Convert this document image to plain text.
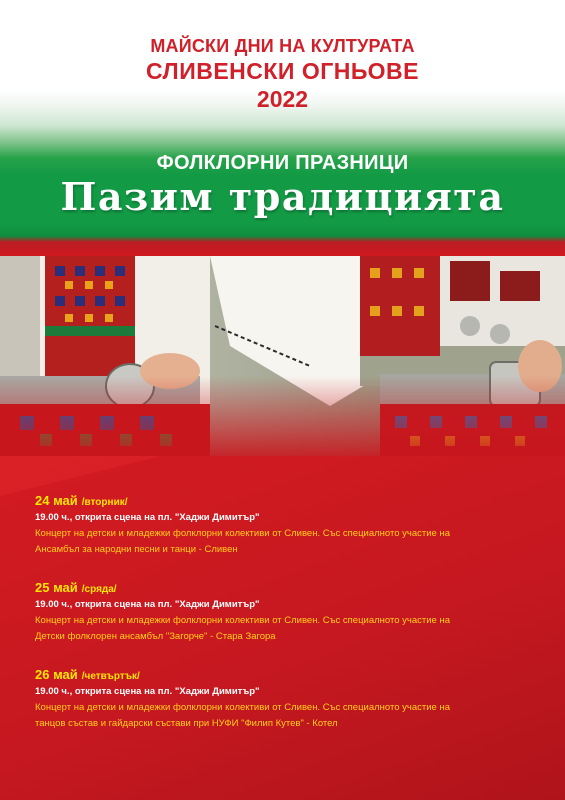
МАЙСКИ ДНИ НА КУЛТУРАТА
СЛИВЕНСКИ ОГНЬОВЕ
2022
ФОЛКЛОРНИ ПРАЗНИЦИ
Пазим традицията
24 май /вторник/
19.00 ч., открита сцена на пл. "Хаджи Димитър"
Концерт на детски и младежки фолклорни колективи от Сливен. Със специалното участие на
Ансамбъл за народни песни и танци - Сливен
25 май /сряда/
19.00 ч., открита сцена на пл. "Хаджи Димитър"
Концерт на детски и младежки фолклорни колективи от Сливен. Със специалното участие на
Детски фолклорен ансамбъл "Загорче" - Стара Загора
26 май /четвъртък/
19.00 ч., открита сцена на пл. "Хаджи Димитър"
Концерт на детски и младежки фолклорни колективи от Сливен. Със специалното участие на
танцов състав и гайдарски състави при НУФИ "Филип Кутев" - Котел
